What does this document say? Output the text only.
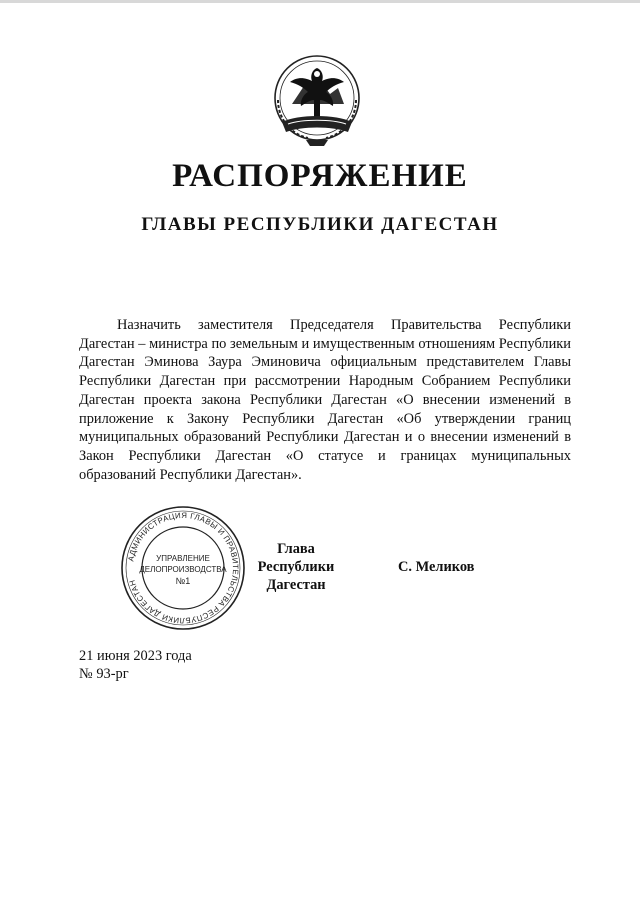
РАСПОРЯЖЕНИЕ
ГЛАВЫ РЕСПУБЛИКИ ДАГЕСТАН

Назначить заместителя Председателя Правительства Республики Дагестан – министра по земельным и имущественным отношениям Республики Дагестан Эминова Заура Эминовича официальным представителем Главы Республики Дагестан при рассмотрении Народным Собранием Республики Дагестан проекта закона Республики Дагестан «О внесении изменений в приложение к Закону Республики Дагестан «Об утверждении границ муниципальных образований Республики Дагестан и о внесении изменений в Закон Республики Дагестан «О статусе и границах муниципальных образований Республики Дагестан».

АДМИНИСТРАЦИЯ ГЛАВЫ И ПРАВИТЕЛЬСТВА РЕСПУБЛИКИ ДАГЕСТАН
УПРАВЛЕНИЕ
ДЕЛОПРОИЗВОДСТВА
№1
Глава
Республики Дагестан
С. Меликов
21 июня 2023 года
№ 93-рг
